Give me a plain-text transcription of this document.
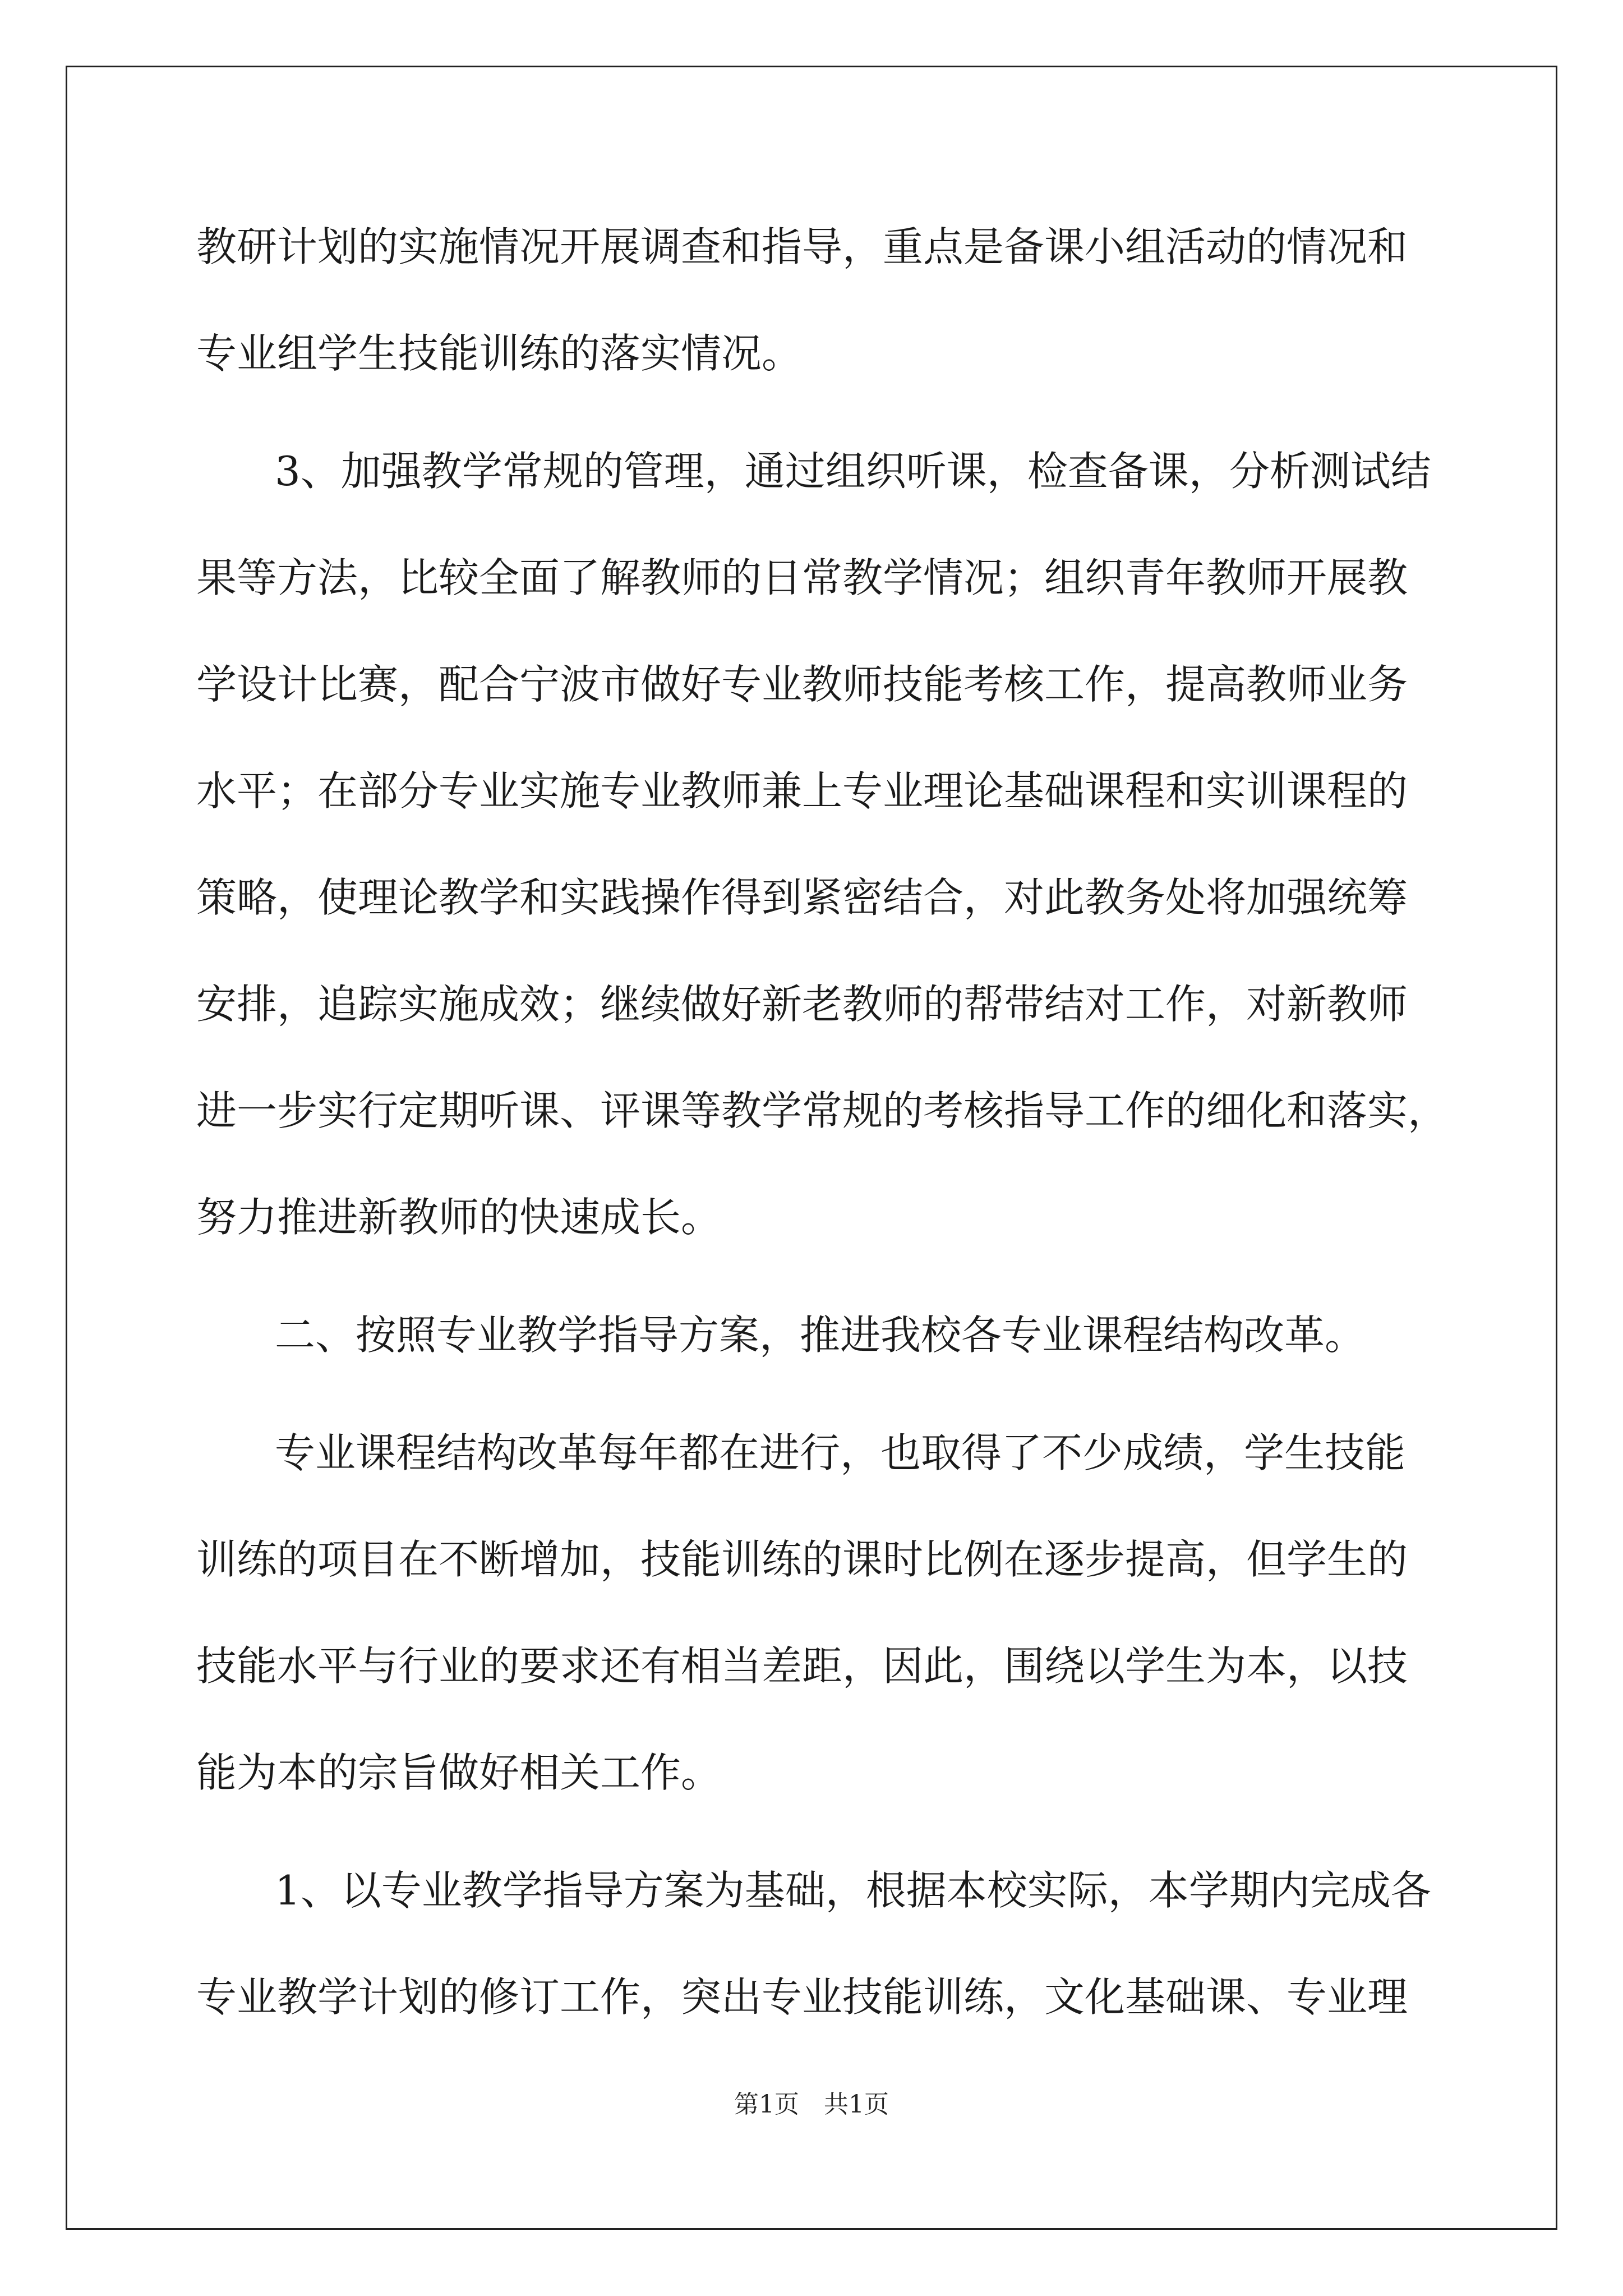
教研计划的实施情况开展调查和指导，重点是备课小组活动的情况和
专业组学生技能训练的落实情况。
3、加强教学常规的管理，通过组织听课，检查备课，分析测试结
果等方法，比较全面了解教师的日常教学情况；组织青年教师开展教
学设计比赛，配合宁波市做好专业教师技能考核工作，提高教师业务
水平；在部分专业实施专业教师兼上专业理论基础课程和实训课程的
策略，使理论教学和实践操作得到紧密结合，对此教务处将加强统筹
安排，追踪实施成效；继续做好新老教师的帮带结对工作，对新教师
进一步实行定期听课、评课等教学常规的考核指导工作的细化和落实，
努力推进新教师的快速成长。
二、按照专业教学指导方案，推进我校各专业课程结构改革。
专业课程结构改革每年都在进行，也取得了不少成绩，学生技能
训练的项目在不断增加，技能训练的课时比例在逐步提高，但学生的
技能水平与行业的要求还有相当差距，因此，围绕以学生为本，以技
能为本的宗旨做好相关工作。
1、以专业教学指导方案为基础，根据本校实际，本学期内完成各
专业教学计划的修订工作，突出专业技能训练，文化基础课、专业理
第1页 共1页
